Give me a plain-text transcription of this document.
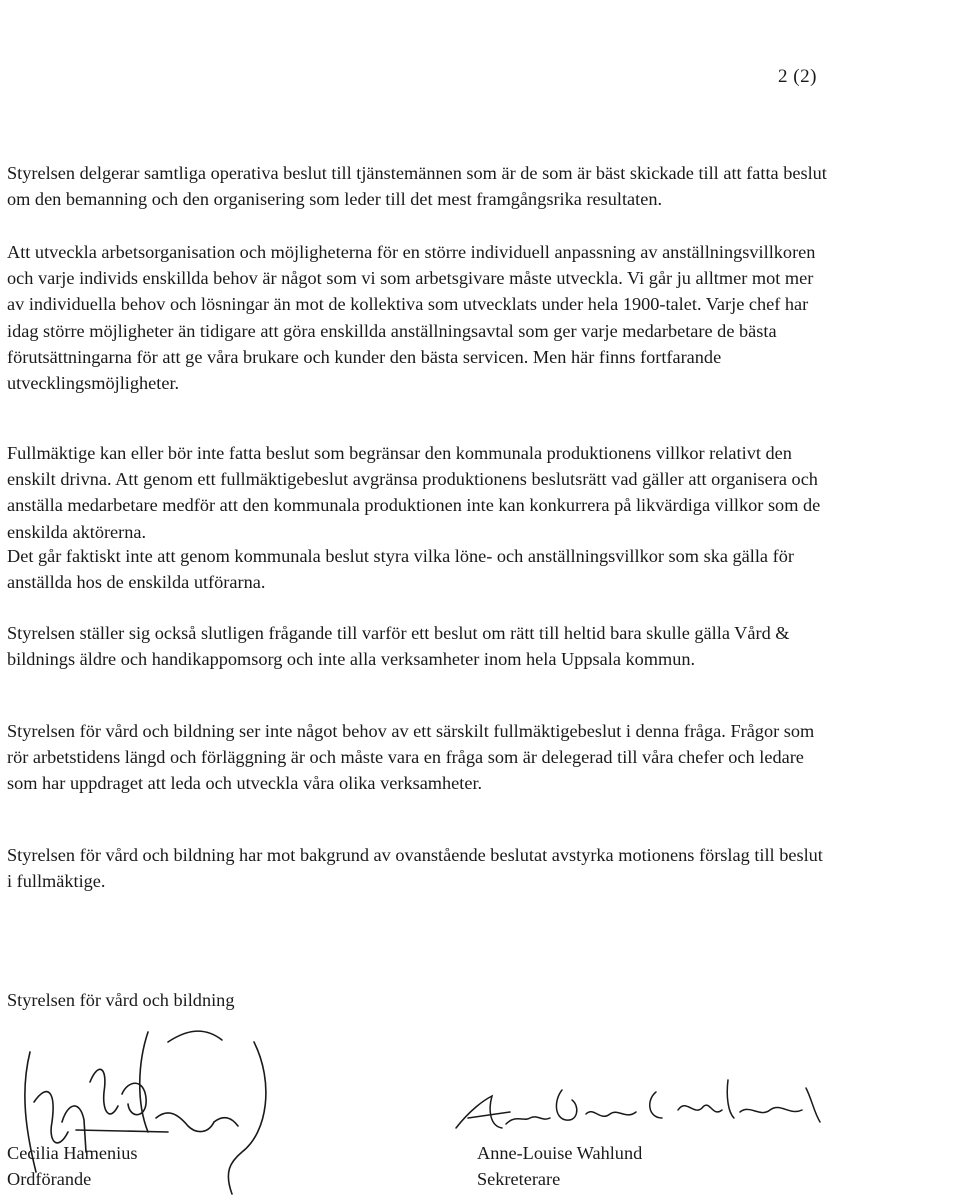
2 (2)

Styrelsen delgerar samtliga operativa beslut till tjänstemännen som är de som är bäst skickade till att fatta beslut om den bemanning och den organisering som leder till det mest framgångsrika resultaten.

Att utveckla arbetsorganisation och möjligheterna för en större individuell anpassning av anställningsvillkoren och varje individs enskillda behov är något som vi som arbetsgivare måste utveckla. Vi går ju alltmer mot mer av individuella behov och lösningar än mot de kollektiva som utvecklats under hela 1900-talet. Varje chef har idag större möjligheter än tidigare att göra enskillda anställningsavtal som ger varje medarbetare de bästa förutsättningarna för att ge våra brukare och kunder den bästa servicen. Men här finns fortfarande utvecklingsmöjligheter.

Fullmäktige kan eller bör inte fatta beslut som begränsar den kommunala produktionens villkor relativt den enskilt drivna. Att genom ett fullmäktigebeslut avgränsa produktionens beslutsrätt vad gäller att organisera och anställa medarbetare medför att den kommunala produktionen inte kan konkurrera på likvärdiga villkor som de enskilda aktörerna.

Det går faktiskt inte att genom kommunala beslut styra vilka löne- och anställningsvillkor som ska gälla för anställda hos de enskilda utförarna.

Styrelsen ställer sig också slutligen frågande till varför ett beslut om rätt till heltid bara skulle gälla Vård & bildnings äldre och handikappomsorg och inte alla verksamheter inom hela Uppsala kommun.

Styrelsen för vård och bildning ser inte något behov av ett särskilt fullmäktigebeslut i denna fråga. Frågor som rör arbetstidens längd och förläggning är och måste vara en fråga som är delegerad till våra chefer och ledare som har uppdraget att leda och utveckla våra olika verksamheter.

Styrelsen för vård och bildning har mot bakgrund av ovanstående beslutat avstyrka motionens förslag till beslut i fullmäktige.

Styrelsen för vård och bildning
Cecilia Hamenius
Ordförande
Anne-Louise Wahlund
Sekreterare
